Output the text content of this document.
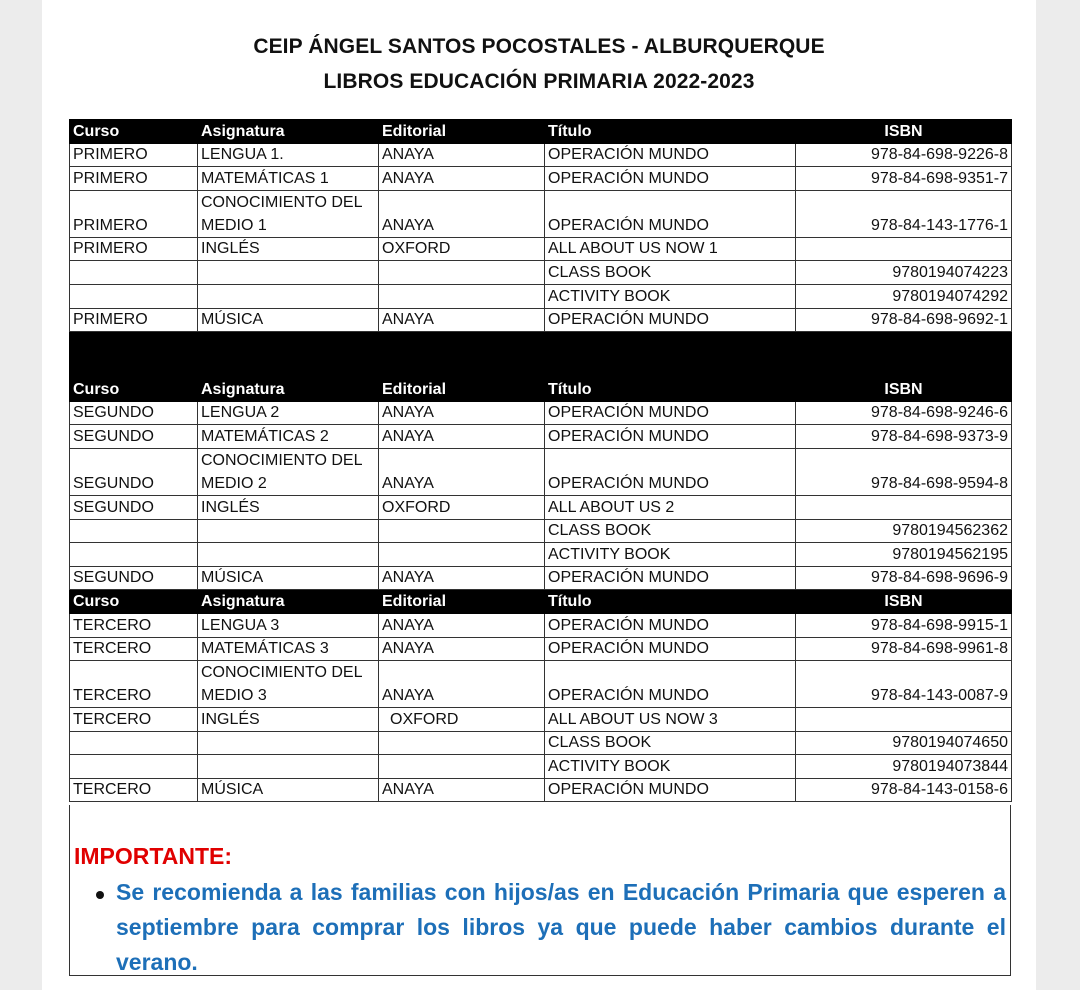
CEIP ÁNGEL SANTOS POCOSTALES - ALBURQUERQUE
LIBROS EDUCACIÓN PRIMARIA 2022-2023
Curso	Asignatura	Editorial	Título	ISBN
PRIMERO	LENGUA 1.	ANAYA	OPERACIÓN MUNDO	978-84-698-9226-8
PRIMERO	MATEMÁTICAS 1	ANAYA	OPERACIÓN MUNDO	978-84-698-9351-7
PRIMERO	CONOCIMIENTO DEL MEDIO 1	ANAYA	OPERACIÓN MUNDO	978-84-143-1776-1
PRIMERO	INGLÉS	OXFORD	ALL ABOUT US NOW 1	
			CLASS BOOK	9780194074223
			ACTIVITY BOOK	9780194074292
PRIMERO	MÚSICA	ANAYA	OPERACIÓN MUNDO	978-84-698-9692-1

Curso	Asignatura	Editorial	Título	ISBN
SEGUNDO	LENGUA 2	ANAYA	OPERACIÓN MUNDO	978-84-698-9246-6
SEGUNDO	MATEMÁTICAS 2	ANAYA	OPERACIÓN MUNDO	978-84-698-9373-9
SEGUNDO	CONOCIMIENTO DEL MEDIO 2	ANAYA	OPERACIÓN MUNDO	978-84-698-9594-8
SEGUNDO	INGLÉS	OXFORD	ALL ABOUT US 2	
			CLASS BOOK	9780194562362
			ACTIVITY BOOK	9780194562195
SEGUNDO	MÚSICA	ANAYA	OPERACIÓN MUNDO	978-84-698-9696-9
Curso	Asignatura	Editorial	Título	ISBN
TERCERO	LENGUA 3	ANAYA	OPERACIÓN MUNDO	978-84-698-9915-1
TERCERO	MATEMÁTICAS 3	ANAYA	OPERACIÓN MUNDO	978-84-698-9961-8
TERCERO	CONOCIMIENTO DEL MEDIO 3	ANAYA	OPERACIÓN MUNDO	978-84-143-0087-9
TERCERO	INGLÉS	OXFORD	ALL ABOUT US NOW 3	
			CLASS BOOK	9780194074650
			ACTIVITY BOOK	9780194073844
TERCERO	MÚSICA	ANAYA	OPERACIÓN MUNDO	978-84-143-0158-6
IMPORTANTE:
Se recomienda a las familias con hijos/as en Educación Primaria que esperen a septiembre para comprar los libros ya que puede haber cambios durante el verano.
